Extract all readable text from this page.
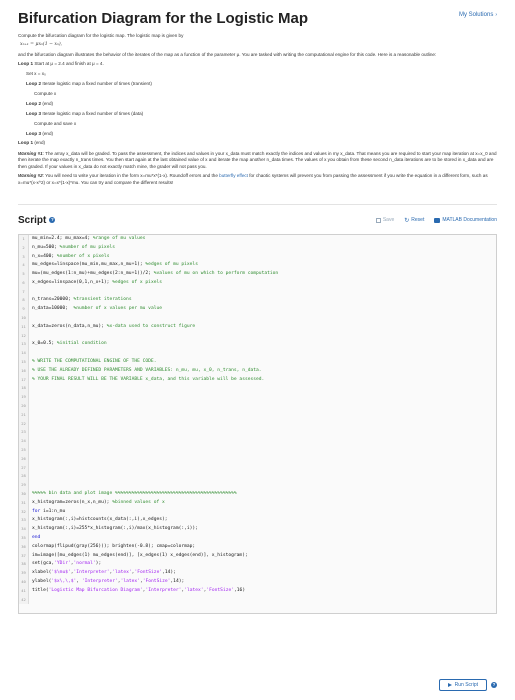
Bifurcation Diagram for the Logistic Map	My Solutions ›

Compute the bifurcation diagram for the logistic map. The logistic map is given by

xₙ₊₁ = μxₙ(1 − xₙ),

and the bifurcation diagram illustrates the behavior of the iterates of the map as a function of the parameter μ. You are tasked with writing the computational engine for this code. Here is a reasonable outline:

Loop 1 Start at μ = 2.4 and finish at μ = 4.
Set x = x₀
Loop 2 Iterate logistic map a fixed number of times (transient)
Compute x
Loop 2 (end)
Loop 3 Iterate logistic map a fixed number of times (data)
Compute and save x
Loop 3 (end)
Loop 1 (end)

Warning #1: The array x_data will be graded. To pass the assessment, the indices and values in your x_data must match exactly the indices and values in my x_data. That means you are required to start your map iteration at x=x_0 and then iterate the map exactly n_trans times. You then start again at the last obtained value of x and iterate the map another n_data times. The values of x you obtain from these second n_data iterations are to be stored in x_data and are then graded. If your values in x_data do not exactly match mine, the grader will not pass you.

Warning #2: You will need to write your iteration in the form x=mu*x*(1-x). Roundoff errors and the butterfly effect for chaotic systems will prevent you from passing the assessment if you write the equation in a different form, such as x=mu*(x-x^2) or x=x*(1-x)*mu. You can try and compare the different results!

Script	?	Save ↻ Reset	MATLAB Documentation
1	mu_min=2.4; mu_max=4; %range of mu values
2	n_mu=500; %number of mu pixels
3	n_x=400; %number of x pixels
4	mu_edges=linspace(mu_min,mu_max,n_mu+1); %edges of mu pixels
5	mu=(mu_edges(1:n_mu)+mu_edges(2:n_mu+1))/2; %values of mu on which to perform computation
6	x_edges=linspace(0,1,n_x+1); %edges of x pixels
7
8	n_trans=20000; %transient iterations
9	n_data=10000;  %number of x values per mu value
10
11	x_data=zeros(n_data,n_mu); %x-data used to construct figure
12
13	x_0=0.5; %initial condition
14
15	% WRITE THE COMPUTATIONAL ENGINE OF THE CODE.
16	% USE THE ALREADY DEFINED PARAMETERS AND VARIABLES: n_mu, mu, x_0, n_trans, n_data.
17	% YOUR FINAL RESULT WILL BE THE VARIABLE x_data, and this variable will be assessed.
18
19
20
21
22
23
24
25
26
27
28
29
30	%%%%% bin data and plot image %%%%%%%%%%%%%%%%%%%%%%%%%%%%%%%%%%%%%%%%%%%%
31	x_histogram=zeros(n_x,n_mu); %binned values of x
32	for i=1:n_mu
33	x_histogram(:,i)=histcounts(x_data(:,i),x_edges);
34	x_histogram(:,i)=255*x_histogram(:,i)/max(x_histogram(:,i));
35	end
36	colormap(flipud(gray(256))); brighten(-0.8); cmap=colormap;
37	im=image([mu_edges(1) mu_edges(end)], [x_edges(1) x_edges(end)], x_histogram);
38	set(gca,'YDir','normal');
39	xlabel('$\mu$','Interpreter','latex','FontSize',14);
40	ylabel('$x\,\,$', 'Interpreter','latex','FontSize',14);
41	title('Logistic Map Bifurcation Diagram','Interpreter','latex','FontSize',16)
42
Run Script	?
